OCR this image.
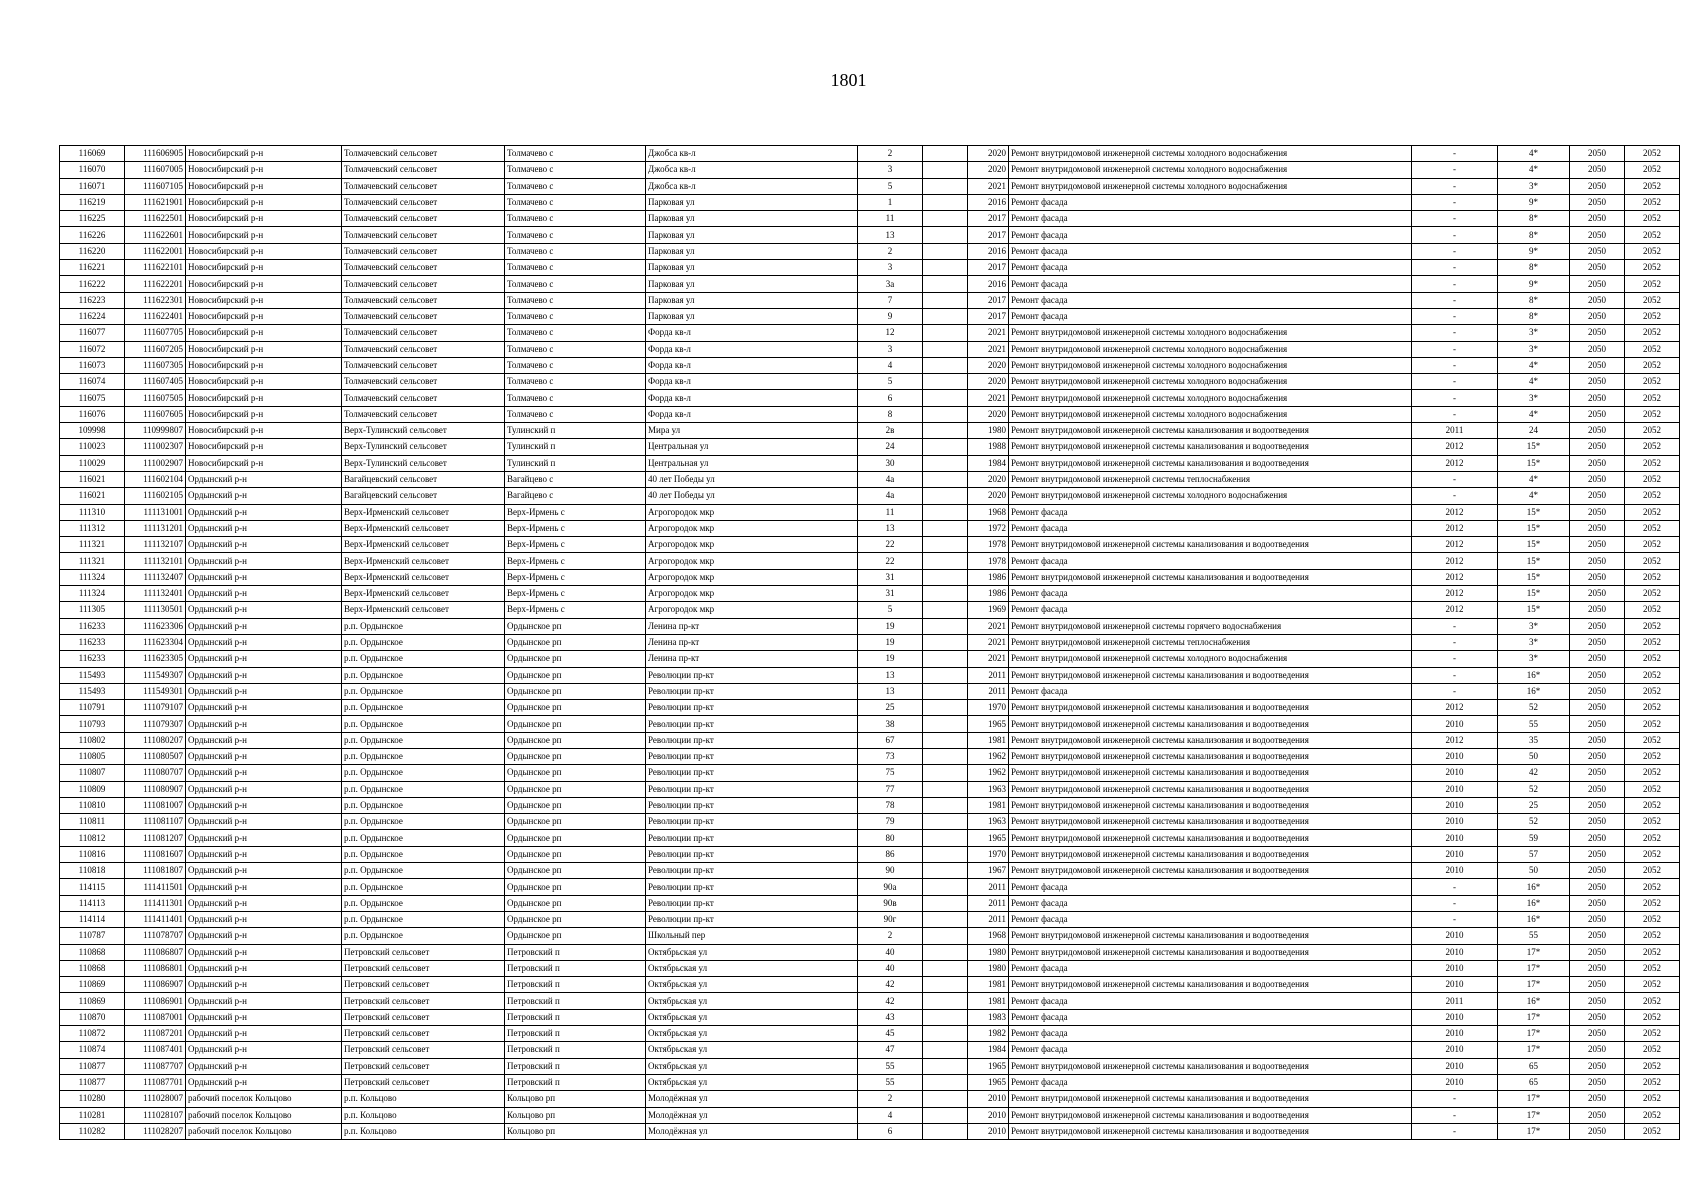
1801
116069	111606905	Новосибирский р-н	Толмачевский сельсовет	Толмачево с	Джобса кв-л	2		2020	Ремонт внутридомовой инженерной системы холодного водоснабжения	-	4*	2050	2052
116070	111607005	Новосибирский р-н	Толмачевский сельсовет	Толмачево с	Джобса кв-л	3		2020	Ремонт внутридомовой инженерной системы холодного водоснабжения	-	4*	2050	2052
116071	111607105	Новосибирский р-н	Толмачевский сельсовет	Толмачево с	Джобса кв-л	5		2021	Ремонт внутридомовой инженерной системы холодного водоснабжения	-	3*	2050	2052
116219	111621901	Новосибирский р-н	Толмачевский сельсовет	Толмачево с	Парковая ул	1		2016	Ремонт фасада	-	9*	2050	2052
116225	111622501	Новосибирский р-н	Толмачевский сельсовет	Толмачево с	Парковая ул	11		2017	Ремонт фасада	-	8*	2050	2052
116226	111622601	Новосибирский р-н	Толмачевский сельсовет	Толмачево с	Парковая ул	13		2017	Ремонт фасада	-	8*	2050	2052
116220	111622001	Новосибирский р-н	Толмачевский сельсовет	Толмачево с	Парковая ул	2		2016	Ремонт фасада	-	9*	2050	2052
116221	111622101	Новосибирский р-н	Толмачевский сельсовет	Толмачево с	Парковая ул	3		2017	Ремонт фасада	-	8*	2050	2052
116222	111622201	Новосибирский р-н	Толмачевский сельсовет	Толмачево с	Парковая ул	3а		2016	Ремонт фасада	-	9*	2050	2052
116223	111622301	Новосибирский р-н	Толмачевский сельсовет	Толмачево с	Парковая ул	7		2017	Ремонт фасада	-	8*	2050	2052
116224	111622401	Новосибирский р-н	Толмачевский сельсовет	Толмачево с	Парковая ул	9		2017	Ремонт фасада	-	8*	2050	2052
116077	111607705	Новосибирский р-н	Толмачевский сельсовет	Толмачево с	Форда кв-л	12		2021	Ремонт внутридомовой инженерной системы холодного водоснабжения	-	3*	2050	2052
116072	111607205	Новосибирский р-н	Толмачевский сельсовет	Толмачево с	Форда кв-л	3		2021	Ремонт внутридомовой инженерной системы холодного водоснабжения	-	3*	2050	2052
116073	111607305	Новосибирский р-н	Толмачевский сельсовет	Толмачево с	Форда кв-л	4		2020	Ремонт внутридомовой инженерной системы холодного водоснабжения	-	4*	2050	2052
116074	111607405	Новосибирский р-н	Толмачевский сельсовет	Толмачево с	Форда кв-л	5		2020	Ремонт внутридомовой инженерной системы холодного водоснабжения	-	4*	2050	2052
116075	111607505	Новосибирский р-н	Толмачевский сельсовет	Толмачево с	Форда кв-л	6		2021	Ремонт внутридомовой инженерной системы холодного водоснабжения	-	3*	2050	2052
116076	111607605	Новосибирский р-н	Толмачевский сельсовет	Толмачево с	Форда кв-л	8		2020	Ремонт внутридомовой инженерной системы холодного водоснабжения	-	4*	2050	2052
109998	110999807	Новосибирский р-н	Верх-Тулинский сельсовет	Тулинский п	Мира ул	2в		1980	Ремонт внутридомовой инженерной системы канализования и водоотведения	2011	24	2050	2052
110023	111002307	Новосибирский р-н	Верх-Тулинский сельсовет	Тулинский п	Центральная ул	24		1988	Ремонт внутридомовой инженерной системы канализования и водоотведения	2012	15*	2050	2052
110029	111002907	Новосибирский р-н	Верх-Тулинский сельсовет	Тулинский п	Центральная ул	30		1984	Ремонт внутридомовой инженерной системы канализования и водоотведения	2012	15*	2050	2052
116021	111602104	Ордынский р-н	Вагайцевский сельсовет	Вагайцево с	40 лет Победы ул	4а		2020	Ремонт внутридомовой инженерной системы теплоснабжения	-	4*	2050	2052
116021	111602105	Ордынский р-н	Вагайцевский сельсовет	Вагайцево с	40 лет Победы ул	4а		2020	Ремонт внутридомовой инженерной системы холодного водоснабжения	-	4*	2050	2052
111310	111131001	Ордынский р-н	Верх-Ирменский сельсовет	Верх-Ирмень с	Агрогородок мкр	11		1968	Ремонт фасада	2012	15*	2050	2052
111312	111131201	Ордынский р-н	Верх-Ирменский сельсовет	Верх-Ирмень с	Агрогородок мкр	13		1972	Ремонт фасада	2012	15*	2050	2052
111321	111132107	Ордынский р-н	Верх-Ирменский сельсовет	Верх-Ирмень с	Агрогородок мкр	22		1978	Ремонт внутридомовой инженерной системы канализования и водоотведения	2012	15*	2050	2052
111321	111132101	Ордынский р-н	Верх-Ирменский сельсовет	Верх-Ирмень с	Агрогородок мкр	22		1978	Ремонт фасада	2012	15*	2050	2052
111324	111132407	Ордынский р-н	Верх-Ирменский сельсовет	Верх-Ирмень с	Агрогородок мкр	31		1986	Ремонт внутридомовой инженерной системы канализования и водоотведения	2012	15*	2050	2052
111324	111132401	Ордынский р-н	Верх-Ирменский сельсовет	Верх-Ирмень с	Агрогородок мкр	31		1986	Ремонт фасада	2012	15*	2050	2052
111305	111130501	Ордынский р-н	Верх-Ирменский сельсовет	Верх-Ирмень с	Агрогородок мкр	5		1969	Ремонт фасада	2012	15*	2050	2052
116233	111623306	Ордынский р-н	р.п. Ордынское	Ордынское рп	Ленина пр-кт	19		2021	Ремонт внутридомовой инженерной системы горячего водоснабжения	-	3*	2050	2052
116233	111623304	Ордынский р-н	р.п. Ордынское	Ордынское рп	Ленина пр-кт	19		2021	Ремонт внутридомовой инженерной системы теплоснабжения	-	3*	2050	2052
116233	111623305	Ордынский р-н	р.п. Ордынское	Ордынское рп	Ленина пр-кт	19		2021	Ремонт внутридомовой инженерной системы холодного водоснабжения	-	3*	2050	2052
115493	111549307	Ордынский р-н	р.п. Ордынское	Ордынское рп	Революции пр-кт	13		2011	Ремонт внутридомовой инженерной системы канализования и водоотведения	-	16*	2050	2052
115493	111549301	Ордынский р-н	р.п. Ордынское	Ордынское рп	Революции пр-кт	13		2011	Ремонт фасада	-	16*	2050	2052
110791	111079107	Ордынский р-н	р.п. Ордынское	Ордынское рп	Революции пр-кт	25		1970	Ремонт внутридомовой инженерной системы канализования и водоотведения	2012	52	2050	2052
110793	111079307	Ордынский р-н	р.п. Ордынское	Ордынское рп	Революции пр-кт	38		1965	Ремонт внутридомовой инженерной системы канализования и водоотведения	2010	55	2050	2052
110802	111080207	Ордынский р-н	р.п. Ордынское	Ордынское рп	Революции пр-кт	67		1981	Ремонт внутридомовой инженерной системы канализования и водоотведения	2012	35	2050	2052
110805	111080507	Ордынский р-н	р.п. Ордынское	Ордынское рп	Революции пр-кт	73		1962	Ремонт внутридомовой инженерной системы канализования и водоотведения	2010	50	2050	2052
110807	111080707	Ордынский р-н	р.п. Ордынское	Ордынское рп	Революции пр-кт	75		1962	Ремонт внутридомовой инженерной системы канализования и водоотведения	2010	42	2050	2052
110809	111080907	Ордынский р-н	р.п. Ордынское	Ордынское рп	Революции пр-кт	77		1963	Ремонт внутридомовой инженерной системы канализования и водоотведения	2010	52	2050	2052
110810	111081007	Ордынский р-н	р.п. Ордынское	Ордынское рп	Революции пр-кт	78		1981	Ремонт внутридомовой инженерной системы канализования и водоотведения	2010	25	2050	2052
110811	111081107	Ордынский р-н	р.п. Ордынское	Ордынское рп	Революции пр-кт	79		1963	Ремонт внутридомовой инженерной системы канализования и водоотведения	2010	52	2050	2052
110812	111081207	Ордынский р-н	р.п. Ордынское	Ордынское рп	Революции пр-кт	80		1965	Ремонт внутридомовой инженерной системы канализования и водоотведения	2010	59	2050	2052
110816	111081607	Ордынский р-н	р.п. Ордынское	Ордынское рп	Революции пр-кт	86		1970	Ремонт внутридомовой инженерной системы канализования и водоотведения	2010	57	2050	2052
110818	111081807	Ордынский р-н	р.п. Ордынское	Ордынское рп	Революции пр-кт	90		1967	Ремонт внутридомовой инженерной системы канализования и водоотведения	2010	50	2050	2052
114115	111411501	Ордынский р-н	р.п. Ордынское	Ордынское рп	Революции пр-кт	90а		2011	Ремонт фасада	-	16*	2050	2052
114113	111411301	Ордынский р-н	р.п. Ордынское	Ордынское рп	Революции пр-кт	90в		2011	Ремонт фасада	-	16*	2050	2052
114114	111411401	Ордынский р-н	р.п. Ордынское	Ордынское рп	Революции пр-кт	90г		2011	Ремонт фасада	-	16*	2050	2052
110787	111078707	Ордынский р-н	р.п. Ордынское	Ордынское рп	Школьный пер	2		1968	Ремонт внутридомовой инженерной системы канализования и водоотведения	2010	55	2050	2052
110868	111086807	Ордынский р-н	Петровский сельсовет	Петровский п	Октябрьская ул	40		1980	Ремонт внутридомовой инженерной системы канализования и водоотведения	2010	17*	2050	2052
110868	111086801	Ордынский р-н	Петровский сельсовет	Петровский п	Октябрьская ул	40		1980	Ремонт фасада	2010	17*	2050	2052
110869	111086907	Ордынский р-н	Петровский сельсовет	Петровский п	Октябрьская ул	42		1981	Ремонт внутридомовой инженерной системы канализования и водоотведения	2010	17*	2050	2052
110869	111086901	Ордынский р-н	Петровский сельсовет	Петровский п	Октябрьская ул	42		1981	Ремонт фасада	2011	16*	2050	2052
110870	111087001	Ордынский р-н	Петровский сельсовет	Петровский п	Октябрьская ул	43		1983	Ремонт фасада	2010	17*	2050	2052
110872	111087201	Ордынский р-н	Петровский сельсовет	Петровский п	Октябрьская ул	45		1982	Ремонт фасада	2010	17*	2050	2052
110874	111087401	Ордынский р-н	Петровский сельсовет	Петровский п	Октябрьская ул	47		1984	Ремонт фасада	2010	17*	2050	2052
110877	111087707	Ордынский р-н	Петровский сельсовет	Петровский п	Октябрьская ул	55		1965	Ремонт внутридомовой инженерной системы канализования и водоотведения	2010	65	2050	2052
110877	111087701	Ордынский р-н	Петровский сельсовет	Петровский п	Октябрьская ул	55		1965	Ремонт фасада	2010	65	2050	2052
110280	111028007	рабочий поселок Кольцово	р.п. Кольцово	Кольцово рп	Молодёжная ул	2		2010	Ремонт внутридомовой инженерной системы канализования и водоотведения	-	17*	2050	2052
110281	111028107	рабочий поселок Кольцово	р.п. Кольцово	Кольцово рп	Молодёжная ул	4		2010	Ремонт внутридомовой инженерной системы канализования и водоотведения	-	17*	2050	2052
110282	111028207	рабочий поселок Кольцово	р.п. Кольцово	Кольцово рп	Молодёжная ул	6		2010	Ремонт внутридомовой инженерной системы канализования и водоотведения	-	17*	2050	2052
